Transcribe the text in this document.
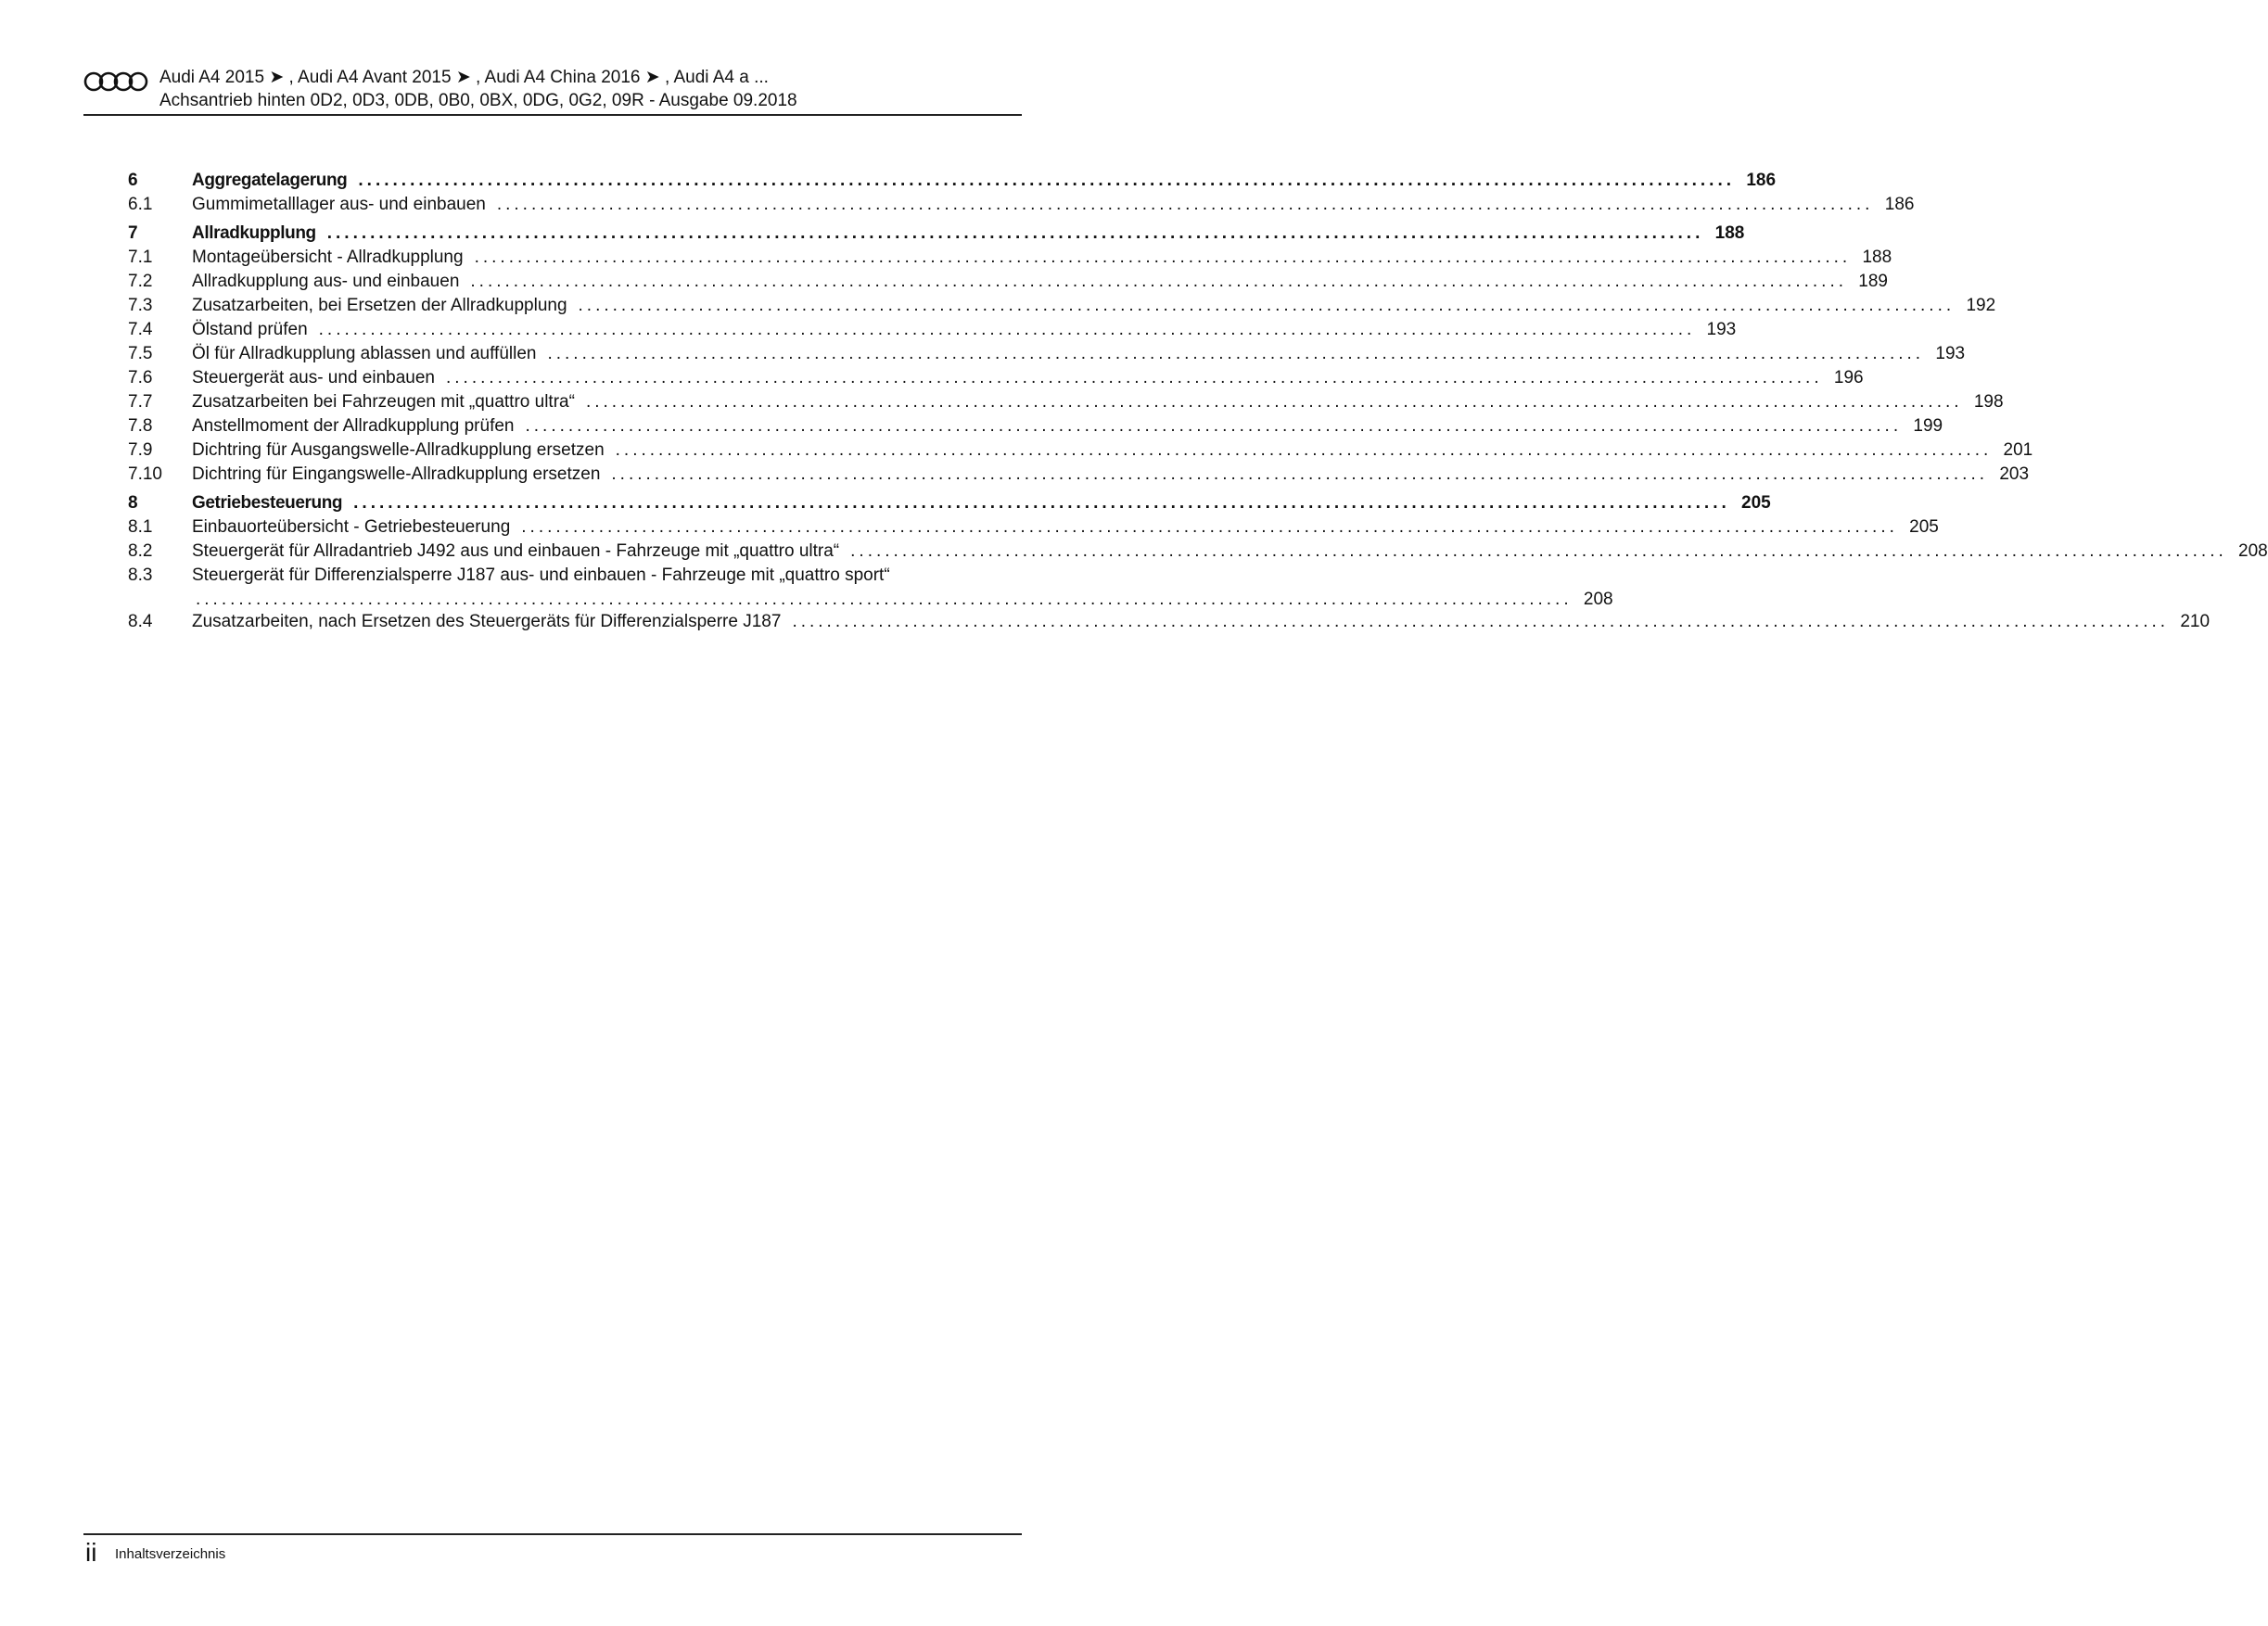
Audi A4 2015 ➤ , Audi A4 Avant 2015 ➤ , Audi A4 China 2016 ➤ , Audi A4 a ...
Achsantrieb hinten 0D2, 0D3, 0DB, 0B0, 0BX, 0DG, 0G2, 09R - Ausgabe 09.2018
6	Aggregatelagerung ................................................................................................................................................................ 186
6.1	Gummimetalllager aus- und einbauen ................................................................................................................................................................ 186
7	Allradkupplung ................................................................................................................................................................ 188
7.1	Montageübersicht - Allradkupplung ................................................................................................................................................................ 188
7.2	Allradkupplung aus- und einbauen ................................................................................................................................................................ 189
7.3	Zusatzarbeiten, bei Ersetzen der Allradkupplung ................................................................................................................................................................ 192
7.4	Ölstand prüfen ................................................................................................................................................................ 193
7.5	Öl für Allradkupplung ablassen und auffüllen ................................................................................................................................................................ 193
7.6	Steuergerät aus- und einbauen ................................................................................................................................................................ 196
7.7	Zusatzarbeiten bei Fahrzeugen mit „quattro ultra“ ................................................................................................................................................................ 198
7.8	Anstellmoment der Allradkupplung prüfen ................................................................................................................................................................ 199
7.9	Dichtring für Ausgangswelle-Allradkupplung ersetzen ................................................................................................................................................................ 201
7.10	Dichtring für Eingangswelle-Allradkupplung ersetzen ................................................................................................................................................................ 203
8	Getriebesteuerung ................................................................................................................................................................ 205
8.1	Einbauorteübersicht - Getriebesteuerung ................................................................................................................................................................ 205
8.2	Steuergerät für Allradantrieb J492 aus und einbauen - Fahrzeuge mit „quattro ultra“ ................................................................................................................................................................ 208
8.3	Steuergerät für Differenzialsperre J187 aus- und einbauen - Fahrzeuge mit „quattro sport“
................................................................................................................................................................ 208
8.4	Zusatzarbeiten, nach Ersetzen des Steuergeräts für Differenzialsperre J187 ................................................................................................................................................................ 210
ii Inhaltsverzeichnis
